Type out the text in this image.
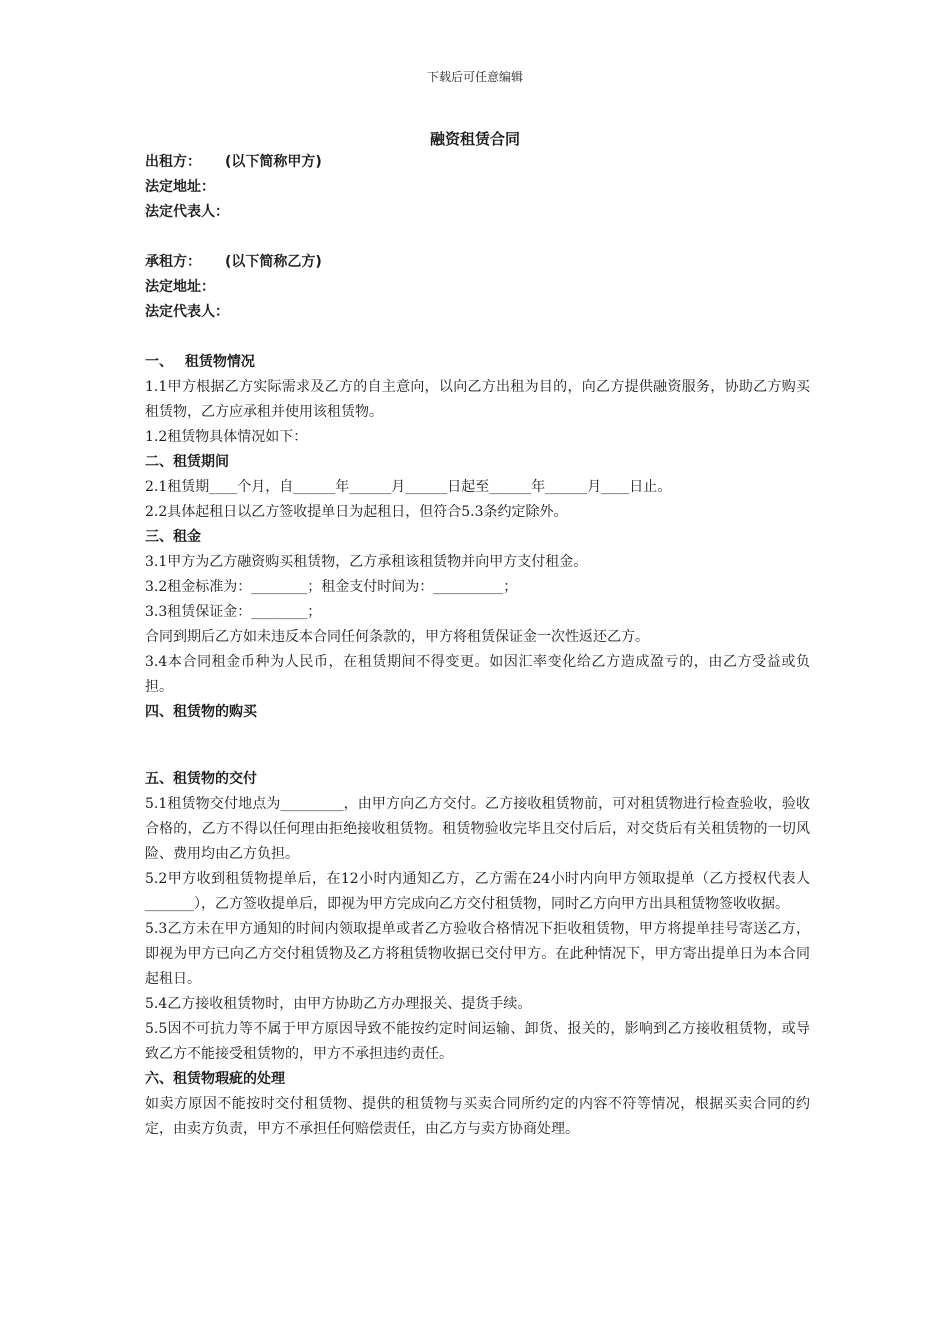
下载后可任意编辑
融资租赁合同
出租方： (以下简称甲方)
法定地址：
法定代表人：
承租方： (以下简称乙方)
法定地址：
法定代表人：
一、　 租赁物情况
1.1甲方根据乙方实际需求及乙方的自主意向，以向乙方出租为目的，向乙方提供融资服务，协助乙方购买租赁物，乙方应承租并使用该租赁物。
1.2租赁物具体情况如下：
二、租赁期间
2.1租赁期____个月，自______年______月______日起至______年______月____日止。
2.2具体起租日以乙方签收提单日为起租日，但符合5.3条约定除外。
三、租金
3.1甲方为乙方融资购买租赁物，乙方承租该租赁物并向甲方支付租金。
3.2租金标准为：________；租金支付时间为：__________；
3.3租赁保证金：________；
合同到期后乙方如未违反本合同任何条款的，甲方将租赁保证金一次性返还乙方。
3.4本合同租金币种为人民币，在租赁期间不得变更。如因汇率变化给乙方造成盈亏的，由乙方受益或负担。
四、租赁物的购买
五、租赁物的交付
5.1租赁物交付地点为_________，由甲方向乙方交付。乙方接收租赁物前，可对租赁物进行检查验收，验收合格的，乙方不得以任何理由拒绝接收租赁物。租赁物验收完毕且交付后后，对交货后有关租赁物的一切风险、费用均由乙方负担。
5.2甲方收到租赁物提单后，在12小时内通知乙方，乙方需在24小时内向甲方领取提单（乙方授权代表人_______），乙方签收提单后，即视为甲方完成向乙方交付租赁物，同时乙方向甲方出具租赁物签收收据。
5.3乙方未在甲方通知的时间内领取提单或者乙方验收合格情况下拒收租赁物，甲方将提单挂号寄送乙方，即视为甲方已向乙方交付租赁物及乙方将租赁物收据已交付甲方。在此种情况下，甲方寄出提单日为本合同起租日。
5.4乙方接收租赁物时，由甲方协助乙方办理报关、提货手续。
5.5因不可抗力等不属于甲方原因导致不能按约定时间运输、卸货、报关的，影响到乙方接收租赁物，或导致乙方不能接受租赁物的，甲方不承担违约责任。
六、租赁物瑕疵的处理
如卖方原因不能按时交付租赁物、提供的租赁物与买卖合同所约定的内容不符等情况，根据买卖合同的约定，由卖方负责，甲方不承担任何赔偿责任，由乙方与卖方协商处理。
